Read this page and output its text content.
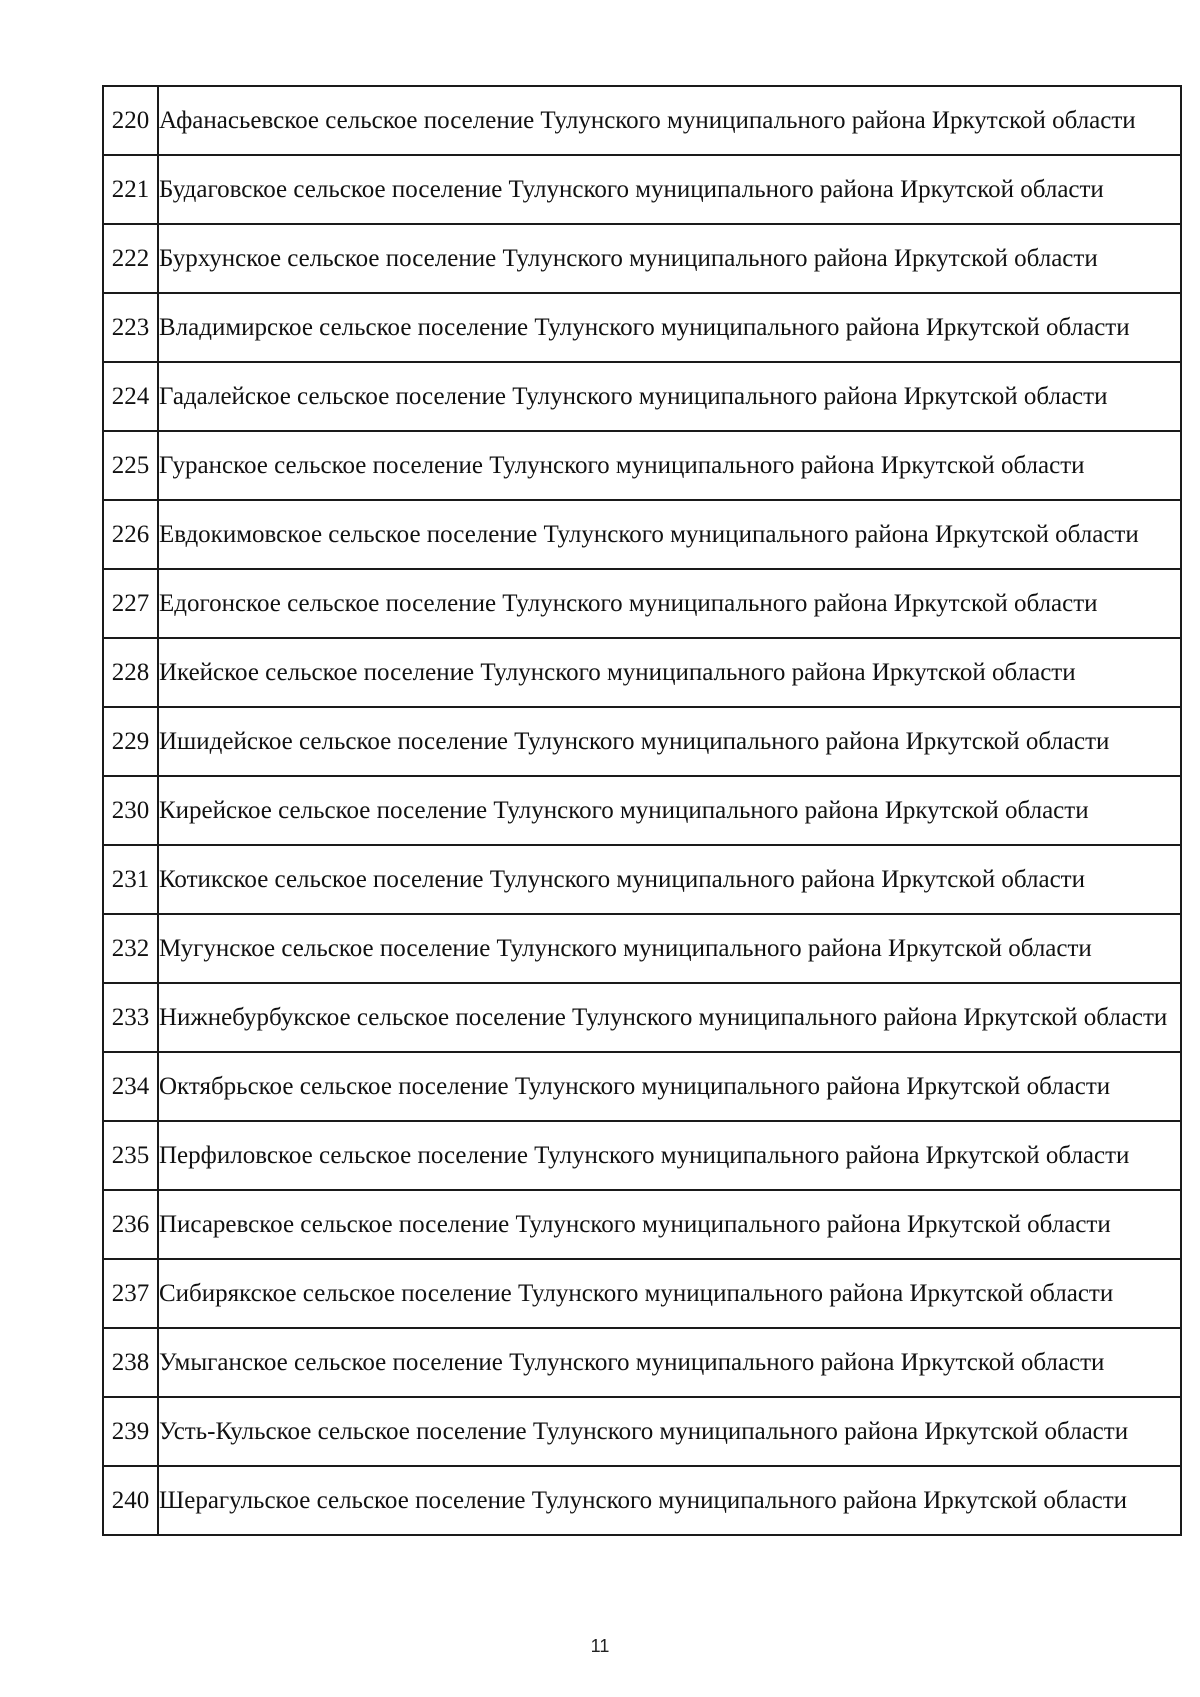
220	Афанасьевское сельское поселение Тулунского муниципального района Иркутской области
221	Будаговское сельское поселение Тулунского муниципального района Иркутской области
222	Бурхунское сельское поселение Тулунского муниципального района Иркутской области
223	Владимирское сельское поселение Тулунского муниципального района Иркутской области
224	Гадалейское сельское поселение Тулунского муниципального района Иркутской области
225	Гуранское сельское поселение Тулунского муниципального района Иркутской области
226	Евдокимовское сельское поселение Тулунского муниципального района Иркутской области
227	Едогонское сельское поселение Тулунского муниципального района Иркутской области
228	Икейское сельское поселение Тулунского муниципального района Иркутской области
229	Ишидейское сельское поселение Тулунского муниципального района Иркутской области
230	Кирейское сельское поселение Тулунского муниципального района Иркутской области
231	Котикское сельское поселение Тулунского муниципального района Иркутской области
232	Мугунское сельское поселение Тулунского муниципального района Иркутской области
233	Нижнебурбукское сельское поселение Тулунского муниципального района Иркутской области
234	Октябрьское сельское поселение Тулунского муниципального района Иркутской области
235	Перфиловское сельское поселение Тулунского муниципального района Иркутской области
236	Писаревское сельское поселение Тулунского муниципального района Иркутской области
237	Сибирякское сельское поселение Тулунского муниципального района Иркутской области
238	Умыганское сельское поселение Тулунского муниципального района Иркутской области
239	Усть-Кульское сельское поселение Тулунского муниципального района Иркутской области
240	Шерагульское сельское поселение Тулунского муниципального района Иркутской области
11
